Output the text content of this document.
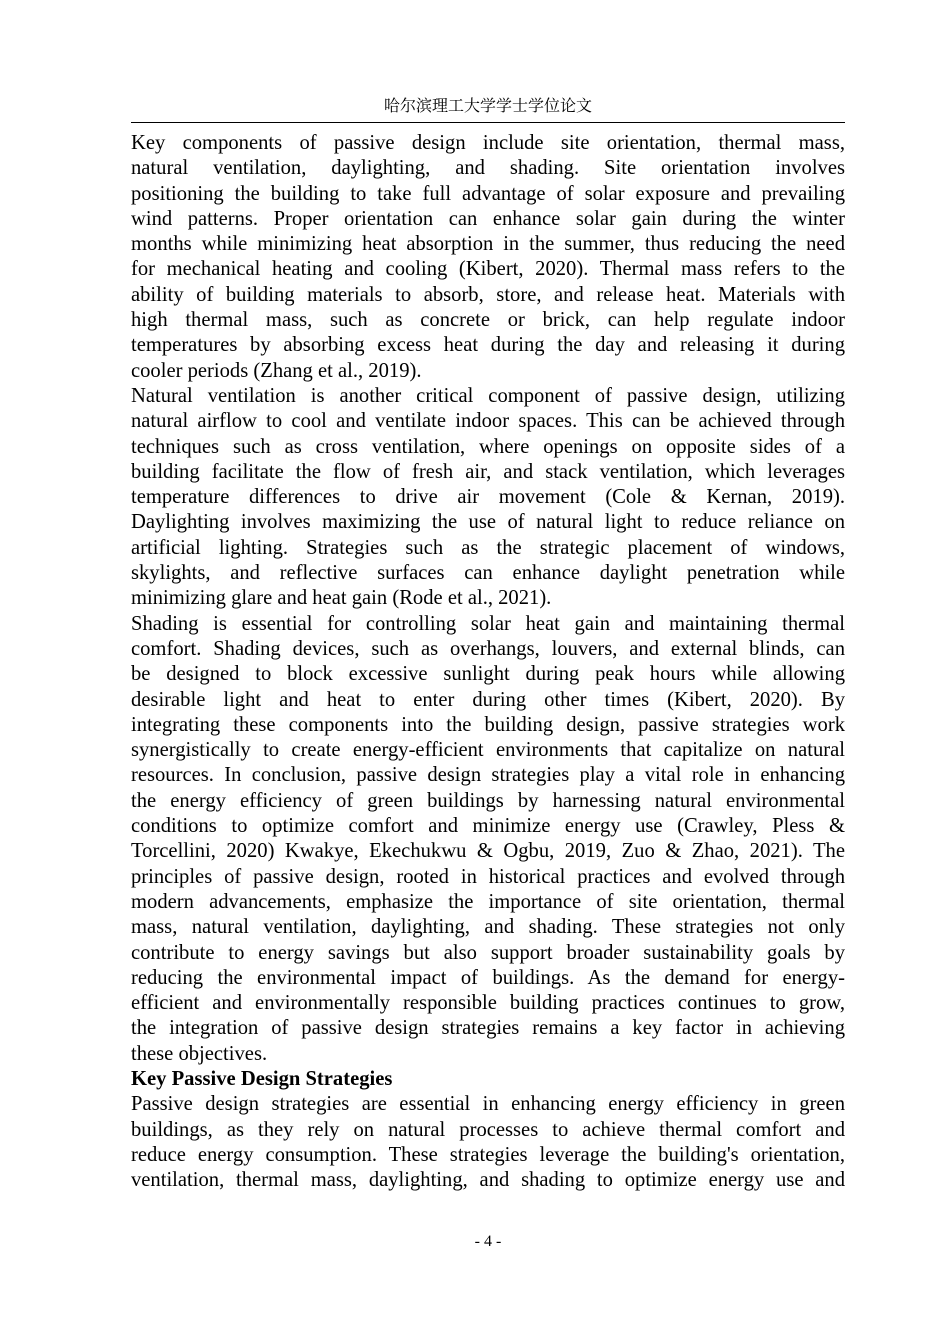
哈尔滨理工大学学士学位论文
Key components of passive design include site orientation, thermal mass,
natural ventilation, daylighting, and shading. Site orientation involves
positioning the building to take full advantage of solar exposure and prevailing
wind patterns. Proper orientation can enhance solar gain during the winter
months while minimizing heat absorption in the summer, thus reducing the need
for mechanical heating and cooling (Kibert, 2020). Thermal mass refers to the
ability of building materials to absorb, store, and release heat. Materials with
high thermal mass, such as concrete or brick, can help regulate indoor
temperatures by absorbing excess heat during the day and releasing it during
cooler periods (Zhang et al., 2019).
Natural ventilation is another critical component of passive design, utilizing
natural airflow to cool and ventilate indoor spaces. This can be achieved through
techniques such as cross ventilation, where openings on opposite sides of a
building facilitate the flow of fresh air, and stack ventilation, which leverages
temperature differences to drive air movement (Cole & Kernan, 2019).
Daylighting involves maximizing the use of natural light to reduce reliance on
artificial lighting. Strategies such as the strategic placement of windows,
skylights, and reflective surfaces can enhance daylight penetration while
minimizing glare and heat gain (Rode et al., 2021).
Shading is essential for controlling solar heat gain and maintaining thermal
comfort. Shading devices, such as overhangs, louvers, and external blinds, can
be designed to block excessive sunlight during peak hours while allowing
desirable light and heat to enter during other times (Kibert, 2020). By
integrating these components into the building design, passive strategies work
synergistically to create energy-efficient environments that capitalize on natural
resources. In conclusion, passive design strategies play a vital role in enhancing
the energy efficiency of green buildings by harnessing natural environmental
conditions to optimize comfort and minimize energy use (Crawley, Pless &
Torcellini, 2020) Kwakye, Ekechukwu & Ogbu, 2019, Zuo & Zhao, 2021). The
principles of passive design, rooted in historical practices and evolved through
modern advancements, emphasize the importance of site orientation, thermal
mass, natural ventilation, daylighting, and shading. These strategies not only
contribute to energy savings but also support broader sustainability goals by
reducing the environmental impact of buildings. As the demand for energy-
efficient and environmentally responsible building practices continues to grow,
the integration of passive design strategies remains a key factor in achieving
these objectives.
Key Passive Design Strategies
Passive design strategies are essential in enhancing energy efficiency in green
buildings, as they rely on natural processes to achieve thermal comfort and
reduce energy consumption. These strategies leverage the building's orientation,
ventilation, thermal mass, daylighting, and shading to optimize energy use and
- 4 -
